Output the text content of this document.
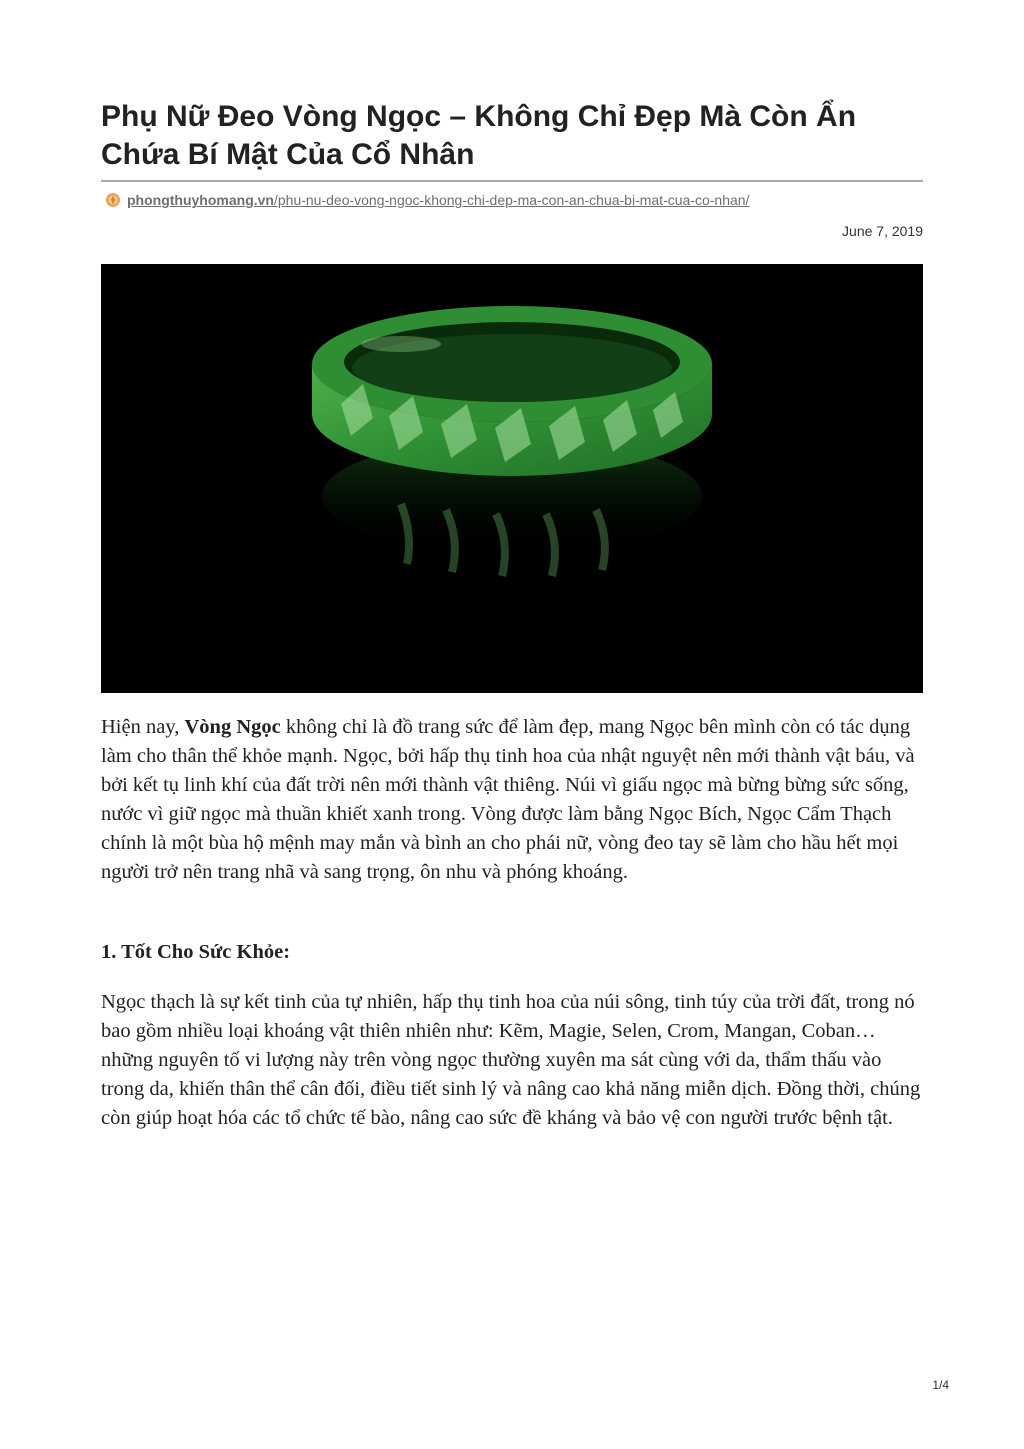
Phụ Nữ Đeo Vòng Ngọc – Không Chỉ Đẹp Mà Còn Ẩn Chứa Bí Mật Của Cổ Nhân
phongthuyhomang.vn /phu-nu-deo-vong-ngoc-khong-chi-dep-ma-con-an-chua-bi-mat-cua-co-nhan/
June 7, 2019

Hiện nay, Vòng Ngọc không chỉ là đồ trang sức để làm đẹp, mang Ngọc bên mình còn có tác dụng làm cho thân thể khỏe mạnh. Ngọc, bởi hấp thụ tinh hoa của nhật nguyệt nên mới thành vật báu, và bởi kết tụ linh khí của đất trời nên mới thành vật thiêng. Núi vì giấu ngọc mà bừng bừng sức sống, nước vì giữ ngọc mà thuần khiết xanh trong. Vòng được làm bằng Ngọc Bích, Ngọc Cẩm Thạch chính là một bùa hộ mệnh may mắn và bình an cho phái nữ, vòng đeo tay sẽ làm cho hầu hết mọi người trở nên trang nhã và sang trọng, ôn nhu và phóng khoáng.

1. Tốt Cho Sức Khỏe:

Ngọc thạch là sự kết tinh của tự nhiên, hấp thụ tinh hoa của núi sông, tinh túy của trời đất, trong nó bao gồm nhiều loại khoáng vật thiên nhiên như: Kẽm, Magie, Selen, Crom, Mangan, Coban… những nguyên tố vi lượng này trên vòng ngọc thường xuyên ma sát cùng với da, thẩm thấu vào trong da, khiến thân thể cân đối, điều tiết sinh lý và nâng cao khả năng miễn dịch. Đồng thời, chúng còn giúp hoạt hóa các tổ chức tế bào, nâng cao sức đề kháng và bảo vệ con người trước bệnh tật.

1/4
